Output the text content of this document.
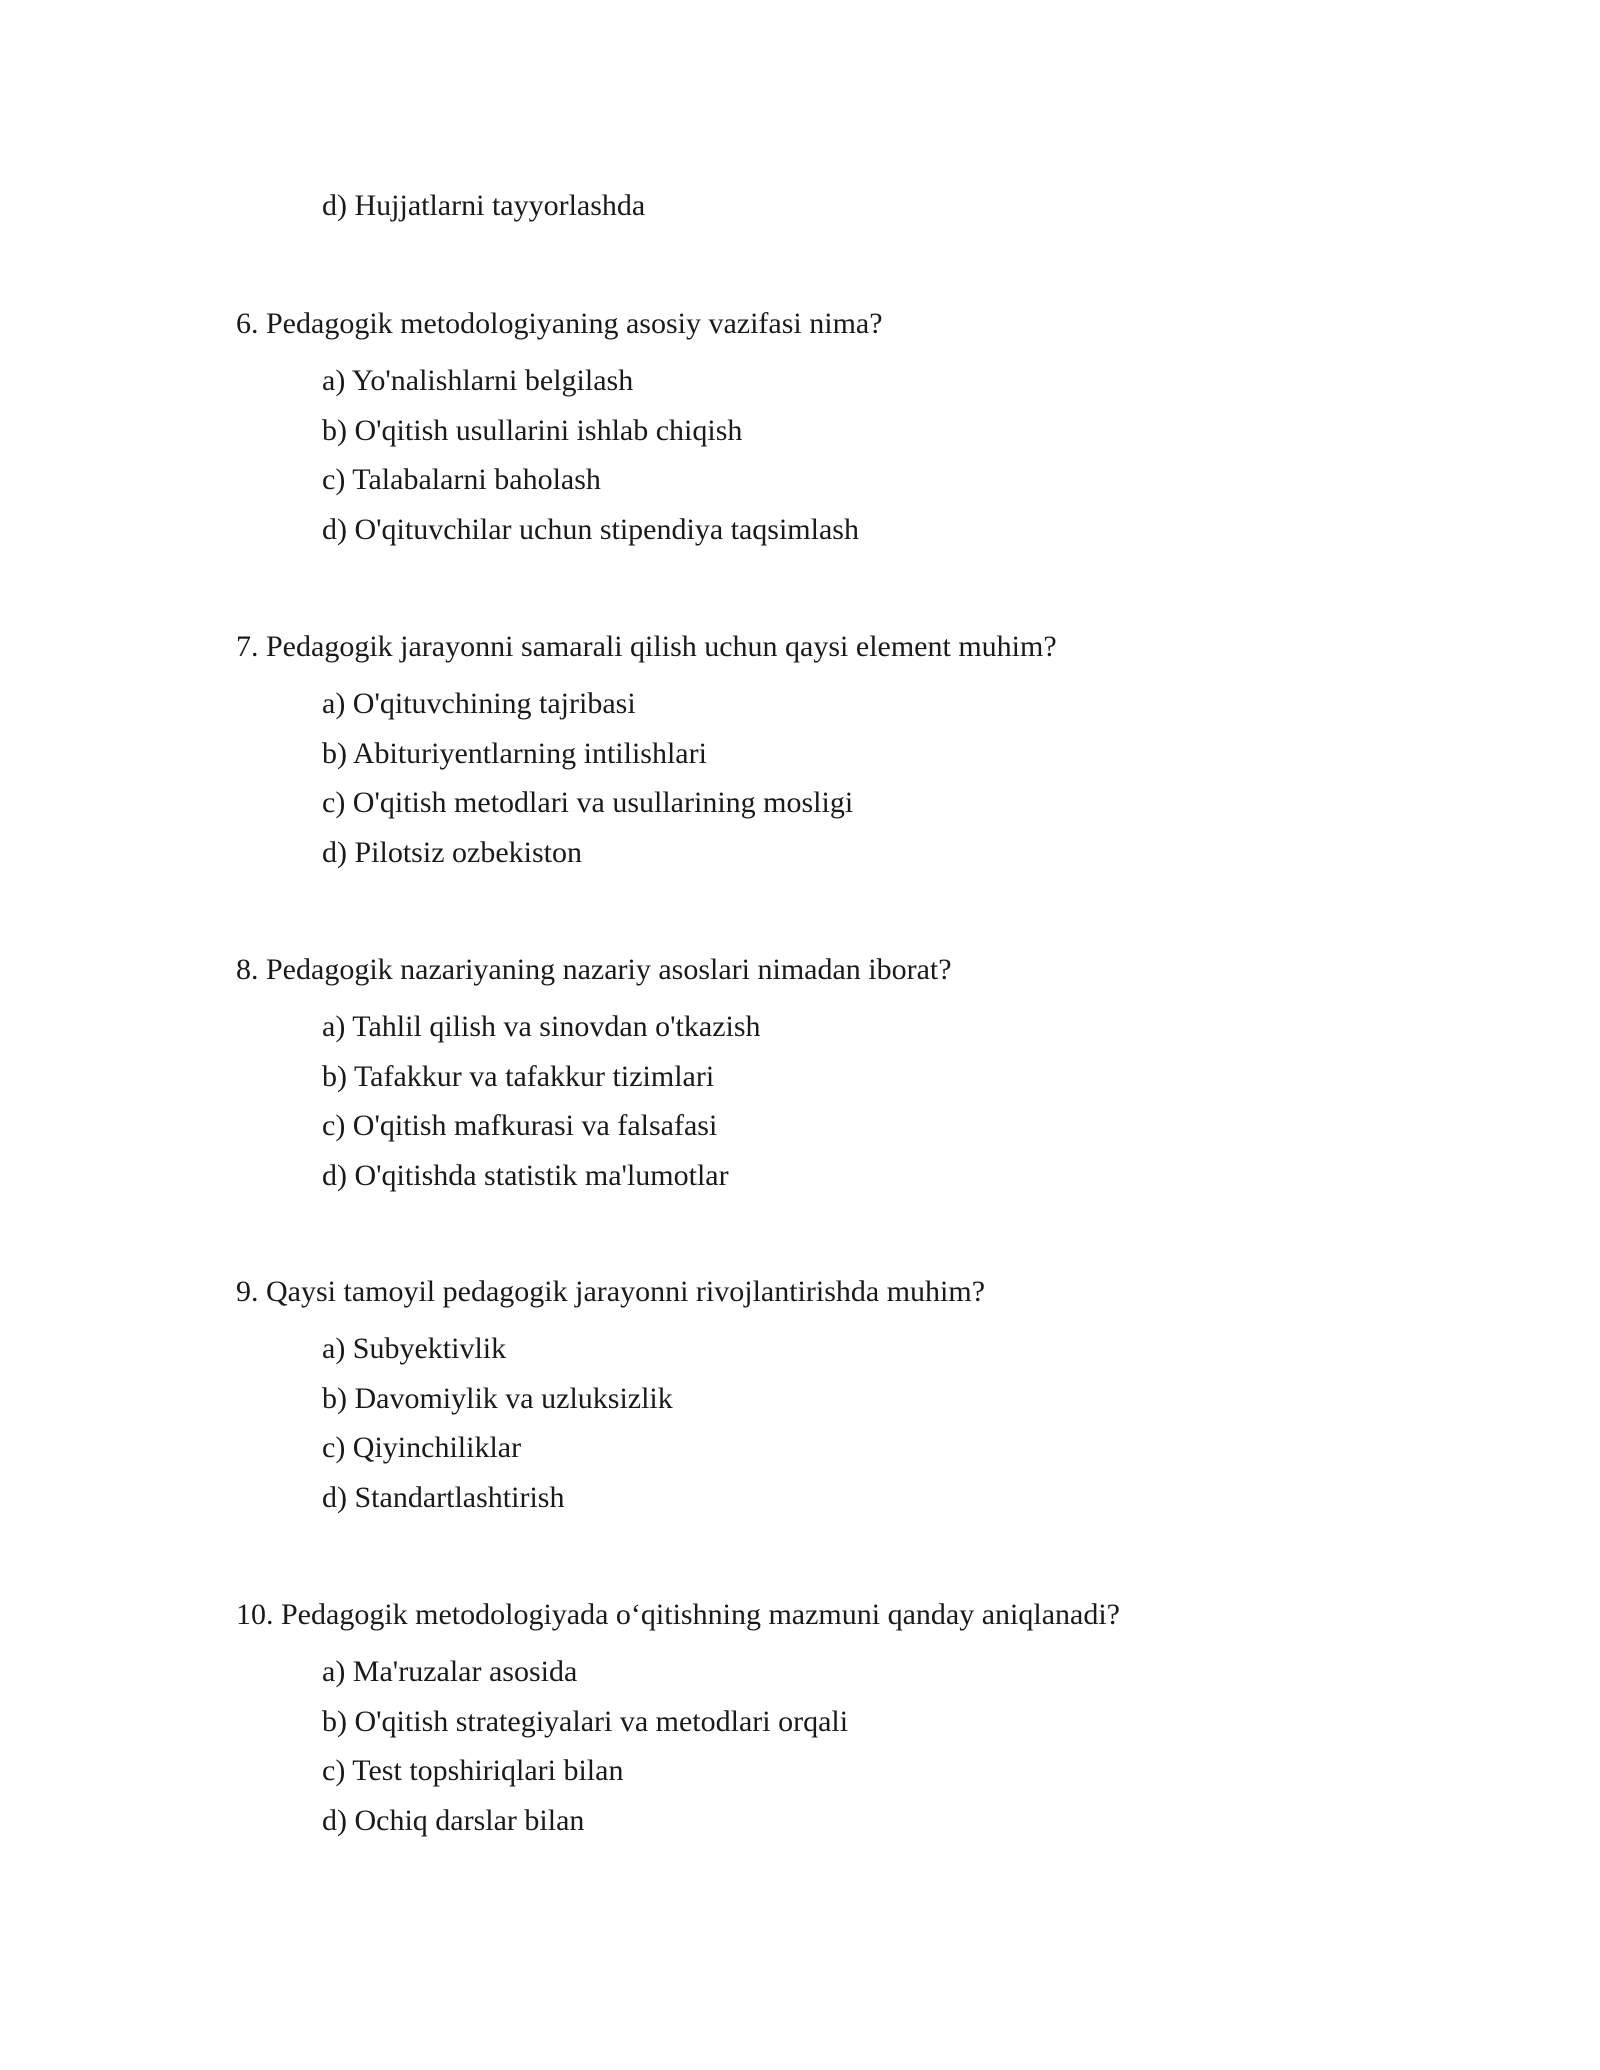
d) Hujjatlarni tayyorlashda
6. Pedagogik metodologiyaning asosiy vazifasi nima?
a) Yo'nalishlarni belgilash
b) O'qitish usullarini ishlab chiqish
c) Talabalarni baholash
d) O'qituvchilar uchun stipendiya taqsimlash
7. Pedagogik jarayonni samarali qilish uchun qaysi element muhim?
a) O'qituvchining tajribasi
b) Abituriyentlarning intilishlari
c) O'qitish metodlari va usullarining mosligi
d) Pilotsiz ozbekiston
8. Pedagogik nazariyaning nazariy asoslari nimadan iborat?
a) Tahlil qilish va sinovdan o'tkazish
b) Tafakkur va tafakkur tizimlari
c) O'qitish mafkurasi va falsafasi
d) O'qitishda statistik ma'lumotlar
9. Qaysi tamoyil pedagogik jarayonni rivojlantirishda muhim?
a) Subyektivlik
b) Davomiylik va uzluksizlik
c) Qiyinchiliklar
d) Standartlashtirish
10. Pedagogik metodologiyada o‘qitishning mazmuni qanday aniqlanadi?
a) Ma'ruzalar asosida
b) O'qitish strategiyalari va metodlari orqali
c) Test topshiriqlari bilan
d) Ochiq darslar bilan
